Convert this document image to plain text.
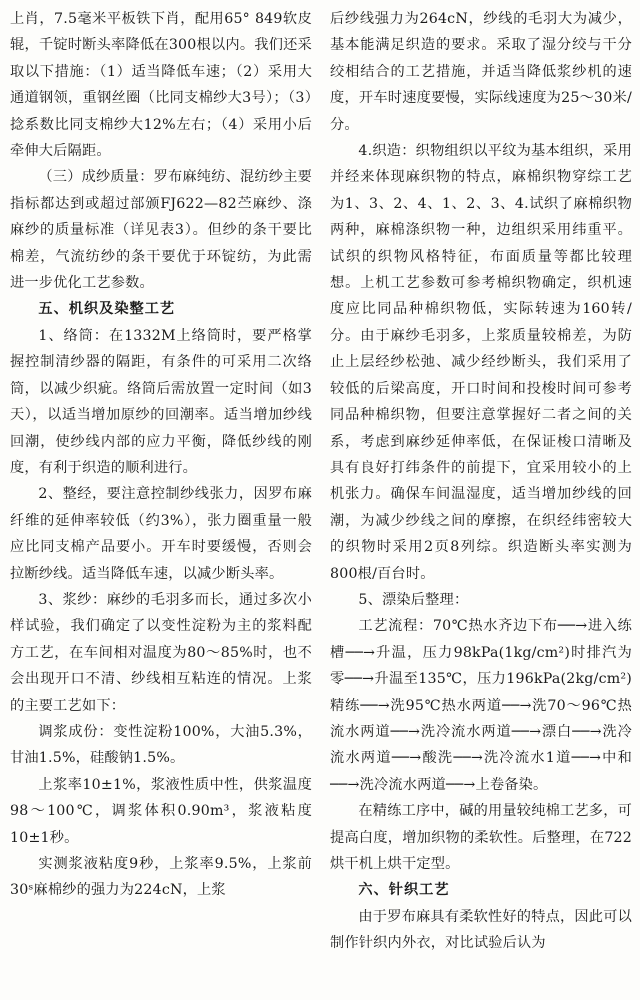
上肖，7.5毫米平板铁下肖，配用65° 849软皮辊，千锭时断头率降低在300根以内。我们还采取以下措施：（1）适当降低车速；（2）采用大通道钢领，重钢丝圈（比同支棉纱大3号）；（3）捻系数比同支棉纱大12%左右；（4）采用小后牵伸大后隔距。

（三）成纱质量：罗布麻纯纺、混纺纱主要指标都达到或超过部颁FJ622—82苎麻纱、涤麻纱的质量标准（详见表3）。但纱的条干要比棉差，气流纺纱的条干要优于环锭纺，为此需进一步优化工艺参数。

五、机织及染整工艺

1、络筒：在1332M上络筒时，要严格掌握控制清纱器的隔距，有条件的可采用二次络筒，以减少织疵。络筒后需放置一定时间（如3天），以适当增加原纱的回潮率。适当增加纱线回潮，使纱线内部的应力平衡，降低纱线的刚度，有利于织造的顺利进行。

2、整经，要注意控制纱线张力，因罗布麻纤维的延伸率较低（约3%），张力圈重量一般应比同支棉产品要小。开车时要缓慢，否则会拉断纱线。适当降低车速，以减少断头率。

3、浆纱：麻纱的毛羽多而长，通过多次小样试验，我们确定了以变性淀粉为主的浆料配方工艺，在车间相对温度为80～85%时，也不会出现开口不清、纱线相互粘连的情况。上浆的主要工艺如下：

调浆成份：变性淀粉100%，大油5.3%，甘油1.5%，硅酸钠1.5%。

上浆率10±1%，浆液性质中性，供浆温度98～100℃，调浆体积0.90m³，浆液粘度10±1秒。

实测浆液粘度9秒，上浆率9.5%，上浆前30ˢ麻棉纱的强力为224cN，上浆

后纱线强力为264cN，纱线的毛羽大为减少，基本能满足织造的要求。采取了湿分绞与干分绞相结合的工艺措施，并适当降低浆纱机的速度，开车时速度要慢，实际线速度为25～30米/分。

4.织造：织物组织以平纹为基本组织，采用并经来体现麻织物的特点，麻棉织物穿综工艺为1、3、2、4、1、2、3、4.试织了麻棉织物两种，麻棉涤织物一种，边组织采用纬重平。试织的织物风格特征，布面质量等都比较理想。上机工艺参数可参考棉织物确定，织机速度应比同品种棉织物低，实际转速为160转/分。由于麻纱毛羽多，上浆质量较棉差，为防止上层经纱松弛、减少经纱断头，我们采用了较低的后梁高度，开口时间和投梭时间可参考同品种棉织物，但要注意掌握好二者之间的关系，考虑到麻纱延伸率低，在保证梭口清晰及具有良好打纬条件的前提下，宜采用较小的上机张力。确保车间温湿度，适当增加纱线的回潮，为减少纱线之间的摩擦，在织经纬密较大的织物时采用2页8列综。织造断头率实测为800根/百台时。

5、漂染后整理：

工艺流程：70℃热水齐边下布──→进入练槽──→升温，压力98kPa(1kg/cm²)时排汽为零──→升温至135℃，压力196kPa(2kg/cm²)精练──→洗95℃热水两道──→洗70～96℃热流水两道──→洗冷流水两道──→漂白──→洗冷流水两道──→酸洗──→洗冷流水1道──→中和──→洗冷流水两道──→上卷备染。

在精练工序中，碱的用量较纯棉工艺多，可提高白度，增加织物的柔软性。后整理，在722烘干机上烘干定型。

六、针织工艺

由于罗布麻具有柔软性好的特点，因此可以制作针织内外衣，对比试验后认为
